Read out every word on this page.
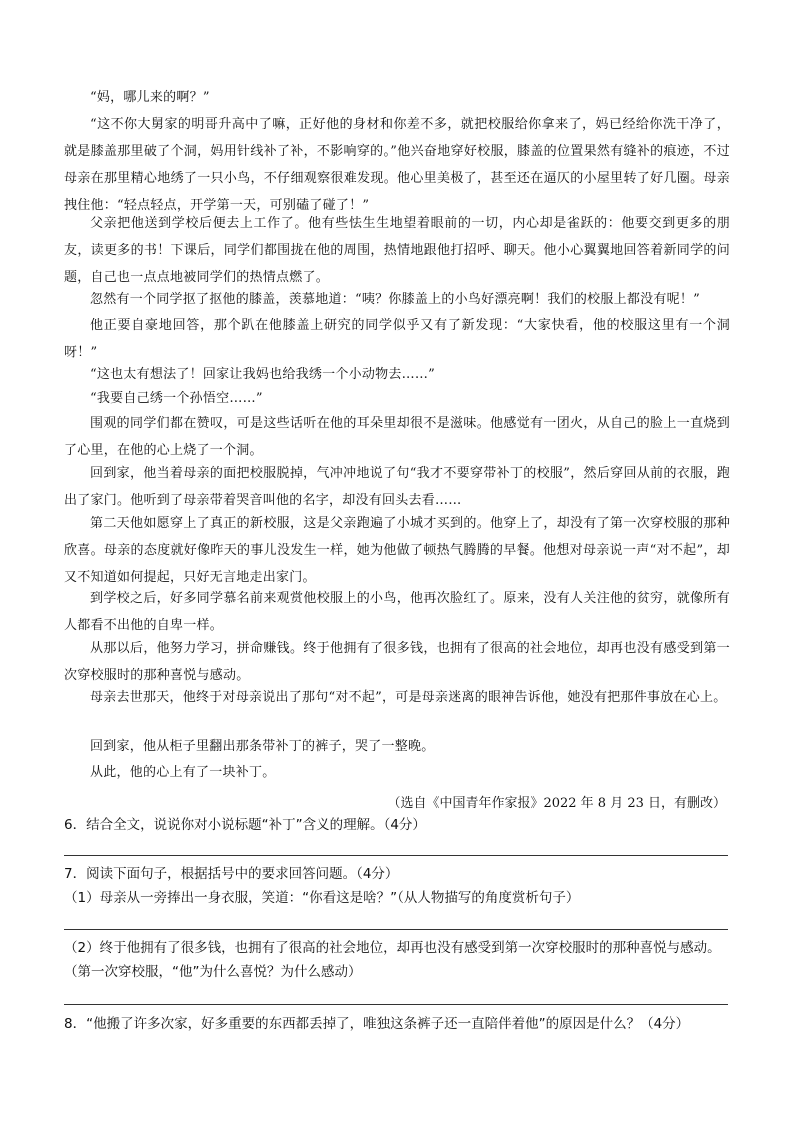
“妈，哪儿来的啊？”
“这不你大舅家的明哥升高中了嘛，正好他的身材和你差不多，就把校服给你拿来了，妈已经给你洗干净了，就是膝盖那里破了个洞，妈用针线补了补，不影响穿的。”他兴奋地穿好校服，膝盖的位置果然有缝补的痕迹，不过母亲在那里精心地绣了一只小鸟，不仔细观察很难发现。他心里美极了，甚至还在逼仄的小屋里转了好几圈。母亲拽住他：“轻点轻点，开学第一天，可别磕了碰了！”
父亲把他送到学校后便去上工作了。他有些怯生生地望着眼前的一切，内心却是雀跃的：他要交到更多的朋友，读更多的书！下课后，同学们都围拢在他的周围，热情地跟他打招呼、聊天。他小心翼翼地回答着新同学的问题，自己也一点点地被同学们的热情点燃了。
忽然有一个同学抠了抠他的膝盖，羡慕地道：“咦？你膝盖上的小鸟好漂亮啊！我们的校服上都没有呢！”
他正要自豪地回答，那个趴在他膝盖上研究的同学似乎又有了新发现：“大家快看，他的校服这里有一个洞呀！”
“这也太有想法了！回家让我妈也给我绣一个小动物去……”
“我要自己绣一个孙悟空……”
围观的同学们都在赞叹，可是这些话听在他的耳朵里却很不是滋味。他感觉有一团火，从自己的脸上一直烧到了心里，在他的心上烧了一个洞。
回到家，他当着母亲的面把校服脱掉，气冲冲地说了句“我才不要穿带补丁的校服”，然后穿回从前的衣服，跑出了家门。他听到了母亲带着哭音叫他的名字，却没有回头去看……
第二天他如愿穿上了真正的新校服，这是父亲跑遍了小城才买到的。他穿上了，却没有了第一次穿校服的那种欣喜。母亲的态度就好像昨天的事儿没发生一样，她为他做了顿热气腾腾的早餐。他想对母亲说一声“对不起”，却又不知道如何提起，只好无言地走出家门。
到学校之后，好多同学慕名前来观赏他校服上的小鸟，他再次脸红了。原来，没有人关注他的贫穷，就像所有人都看不出他的自卑一样。
从那以后，他努力学习，拼命赚钱。终于他拥有了很多钱，也拥有了很高的社会地位，却再也没有感受到第一次穿校服时的那种喜悦与感动。
母亲去世那天，他终于对母亲说出了那句“对不起”，可是母亲迷离的眼神告诉他，她没有把那件事放在心上。
回到家，他从柜子里翻出那条带补丁的裤子，哭了一整晚。
从此，他的心上有了一块补丁。
（选自《中国青年作家报》2022 年 8 月 23 日，有删改）
6．结合全文，说说你对小说标题“补丁”含义的理解。（4分）
7．阅读下面句子，根据括号中的要求回答问题。（4分）
（1）母亲从一旁捧出一身衣服，笑道：“你看这是啥？”（从人物描写的角度赏析句子）
（2）终于他拥有了很多钱，也拥有了很高的社会地位，却再也没有感受到第一次穿校服时的那种喜悦与感动。（第一次穿校服，“他”为什么喜悦？为什么感动）
8．“他搬了许多次家，好多重要的东西都丢掉了，唯独这条裤子还一直陪伴着他”的原因是什么？（4分）
